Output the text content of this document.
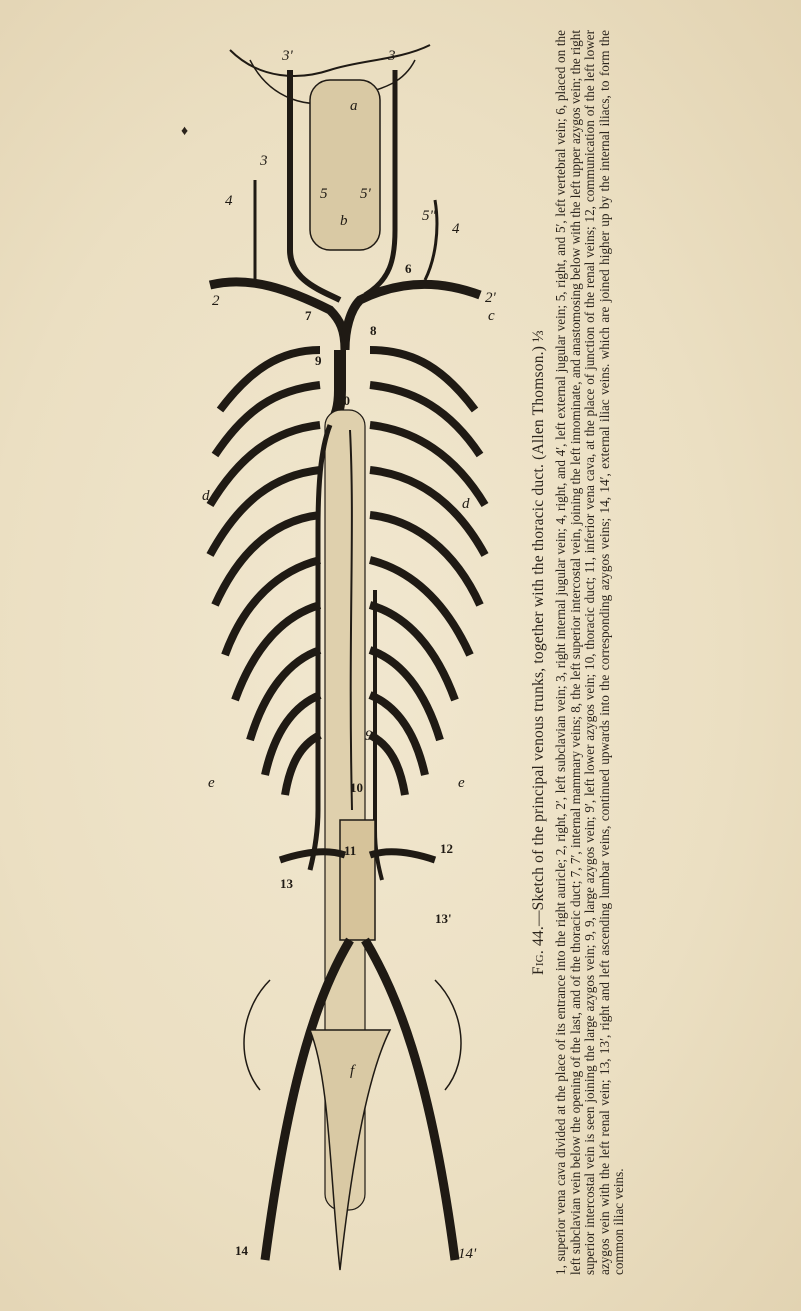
♦
3'	3
3
4
4
5 5'
5"
2	2'
6
7
8
9
10
10
11	12
13
13'
14	14'
9'
a
b
c
d	d
e	e
f

Fig. 44.—Sketch of the principal venous trunks, together with the thoracic duct. (Allen Thomson.) ⅓ 1, superior vena cava divided at the place of its entrance into the right auricle; 2, right, 2′, left subclavian vein; 3, right internal jugular vein; 4, right, and 4′, left external jugular vein; 5, right, and 5′, left vertebral vein; 6, placed on the left subclavian vein below the opening of the last, and of the thoracic duct; 7, 7′, internal mammary veins; 8, the left superior intercostal vein, joining the left innominate, and anastomosing below with the left upper azygos vein; the right superior intercostal vein is seen joining the large azygos vein; 9, 9, large azygos vein; 9′, left lower azygos vein; 10, thoracic duct; 11, inferior vena cava, at the place of junction of the renal veins; 12, communication of the left lower azygos vein with the left renal vein; 13, 13′, right and left ascending lumbar veins, continued upwards into the corresponding azygos veins; 14, 14′, external iliac veins. which are joined higher up by the internal iliacs, to form the common iliac veins.
